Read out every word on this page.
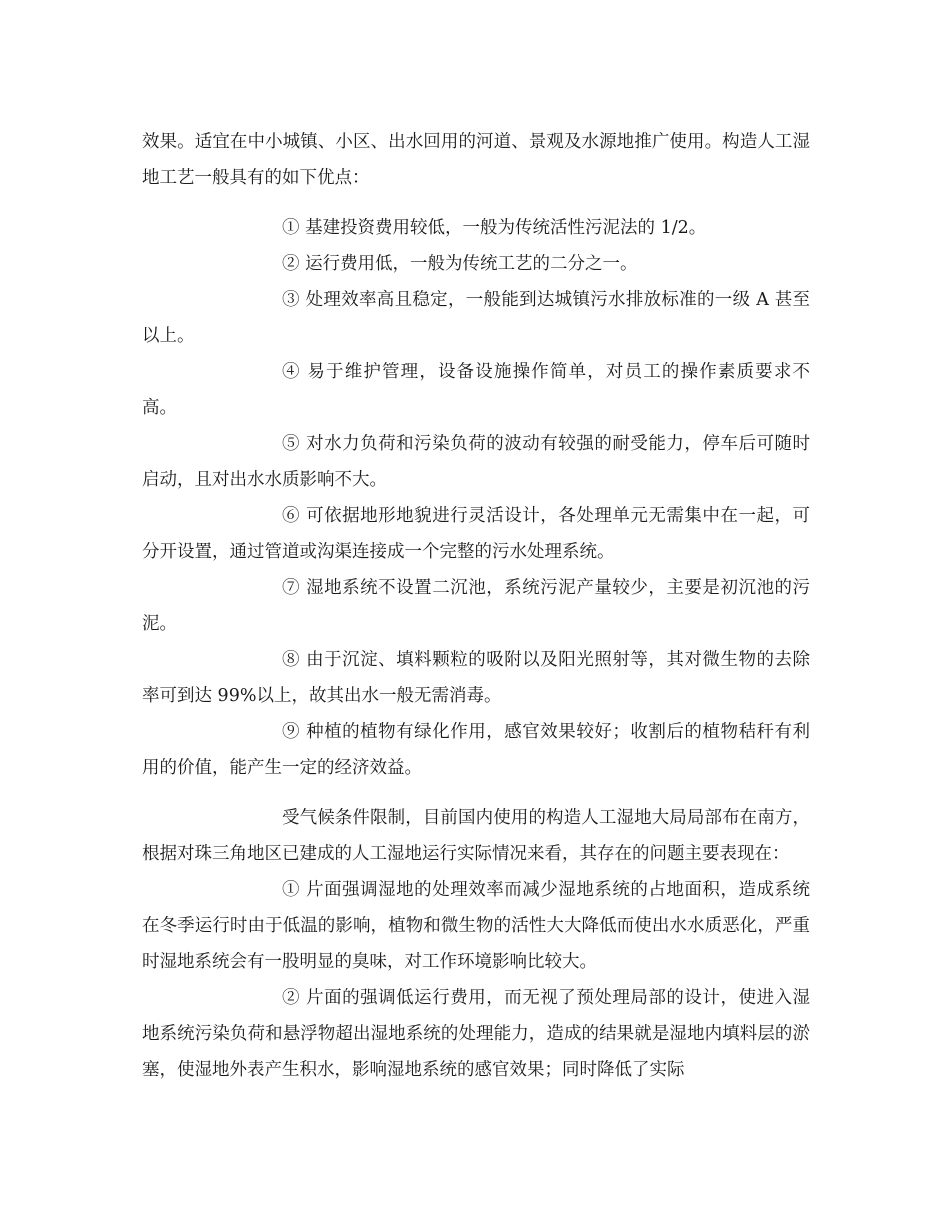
效果。适宜在中小城镇、小区、出水回用的河道、景观及水源地推广使用。构造人工湿地工艺一般具有的如下优点：

① 基建投资费用较低，一般为传统活性污泥法的 1/2。

② 运行费用低，一般为传统工艺的二分之一。

③ 处理效率高且稳定，一般能到达城镇污水排放标准的一级 A 甚至以上。

④ 易于维护管理，设备设施操作简单，对员工的操作素质要求不高。

⑤ 对水力负荷和污染负荷的波动有较强的耐受能力，停车后可随时启动，且对出水水质影响不大。

⑥ 可依据地形地貌进行灵活设计，各处理单元无需集中在一起，可分开设置，通过管道或沟渠连接成一个完整的污水处理系统。

⑦ 湿地系统不设置二沉池，系统污泥产量较少，主要是初沉池的污泥。

⑧ 由于沉淀、填料颗粒的吸附以及阳光照射等，其对微生物的去除率可到达 99%以上，故其出水一般无需消毒。

⑨ 种植的植物有绿化作用，感官效果较好；收割后的植物秸秆有利用的价值，能产生一定的经济效益。

受气候条件限制，目前国内使用的构造人工湿地大局局部布在南方，根据对珠三角地区已建成的人工湿地运行实际情况来看，其存在的问题主要表现在：

① 片面强调湿地的处理效率而减少湿地系统的占地面积，造成系统在冬季运行时由于低温的影响，植物和微生物的活性大大降低而使出水水质恶化，严重时湿地系统会有一股明显的臭味，对工作环境影响比较大。

② 片面的强调低运行费用，而无视了预处理局部的设计，使进入湿地系统污染负荷和悬浮物超出湿地系统的处理能力，造成的结果就是湿地内填料层的淤塞，使湿地外表产生积水，影响湿地系统的感官效果；同时降低了实际
